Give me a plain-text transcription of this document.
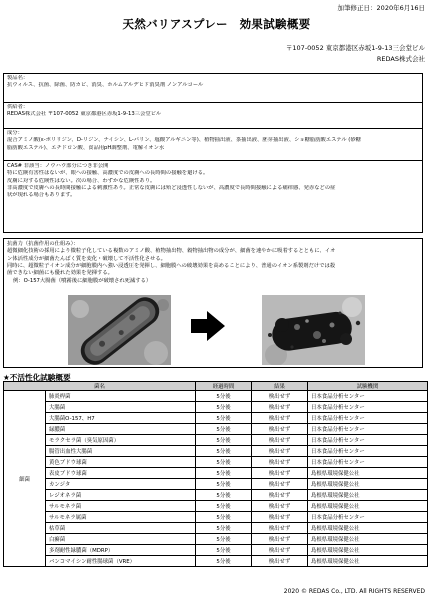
加筆修正日：2020年6月16日
天然バリアスプレー　効果試験概要
〒107-0052 東京都港区赤坂1-9-13三会堂ビル
REDAS株式会社
製品名：
抗ウィルス、抗菌、除菌、防カビ、消臭、ホルムアルデヒド消臭剤 ノンアルコール
供給者：
REDAS株式会社 〒107-0052 東京都港区赤坂1-9-13三会堂ビル
成分：
混合アミノ酸(ε-ポリリジン、D-リジン、ナイシン、L-バリン、塩酸アルギニン等)、植物抽出液、茶抽出液、胚芽抽出液、ショ糖脂肪酸エステル (砂糖
脂肪酸エステル)、エチドロン酸、食品用pH調整剤、電解イオン水
CAS# 非該当：ノウハウ部分につき非公開
特に危険有害性はないが、眼への接触、高濃度での皮膚への長時間の接触を避ける。
皮膚に対する危険性はない。次の場合、わずかな危険性あり。
非高濃度で皮膚への長時間接触による刺激性あり。正常な皮膚には殆ど浸透性しないが、高濃度で長時間接触による痛痒感、発赤などの症
状が現れる場合もあります。
抗菌力（抗菌作用の仕組み）：
超微細化技術の採用により微粒子化している複数のアミノ酸、植物抽出物、穀物抽出物の成分が、細菌を速やかに吸着するとともに、イオ
ン体活性成分が細菌たんぱく質を変化・破壊して不活性化させる。
同時に、超微粒子イオン成分が細胞膜内へ強い浸透圧を発揮し、細胞膜への破壊効果を高めることにより、普通のイオン系製剤だけでは殺
菌できない細菌にも優れた効果を発揮する。
例：O-157大腸菌（噴霧後に細胞膜が破壊され死滅する）
★不活性化試験概要
菌名		経過時間	結果	試験機関
細菌	肺炎桿菌	5分後	検出せず	日本食品分析センター
	大腸菌	5分後	検出せず	日本食品分析センター
	大腸菌O-157、H7	5分後	検出せず	日本食品分析センター
	緑膿菌	5分後	検出せず	日本食品分析センター
	モラクセラ菌（臭気原因菌）	5分後	検出せず	日本食品分析センター
	腸管出血性大腸菌	5分後	検出せず	日本食品分析センター
	黄色ブドウ球菌	5分後	検出せず	日本食品分析センター
	表皮ブドウ球菌	5分後	検出せず	島根県環境保健公社
	カンジタ	5分後	検出せず	島根県環境保健公社
	レジオネラ菌	5分後	検出せず	島根県環境保健公社
	サルモネラ菌	5分後	検出せず	島根県環境保健公社
	サルモネラ属菌	5分後	検出せず	日本食品分析センター
	枯草菌	5分後	検出せず	島根県環境保健公社
	白癬菌	5分後	検出せず	島根県環境保健公社
	多剤耐性緑膿菌（MDRP）	5分後	検出せず	島根県環境保健公社
	バンコマイシン耐性腸球菌（VRE）	5分後	検出せず	島根県環境保健公社
2020 ©︎ REDAS Co., LTD. All RIGHTS RESERVED
